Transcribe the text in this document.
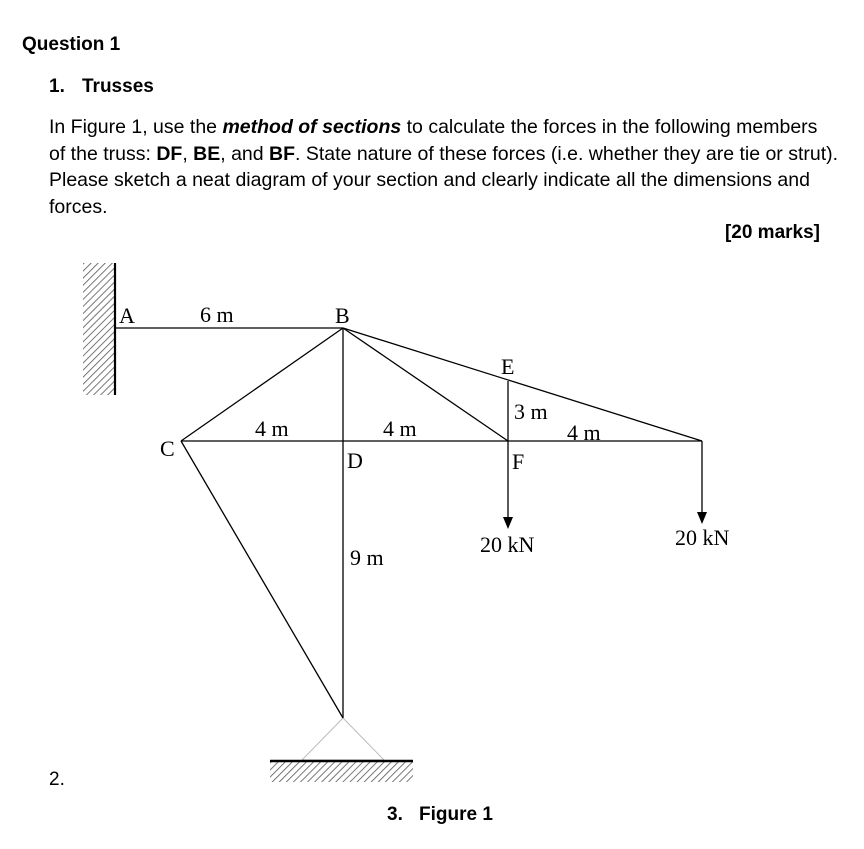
Question 1
1. Trusses
In Figure 1, use the method of sections to calculate the forces in the following members of the truss: DF, BE, and BF. State nature of these forces (i.e. whether they are tie or strut). Please sketch a neat diagram of your section and clearly indicate all the dimensions and forces.
[20 marks]
A	B
C	D
E
F
6 m
4 m	4 m
3 m
4 m
9 m
20 kN	20 kN
2.
3. Figure 1
